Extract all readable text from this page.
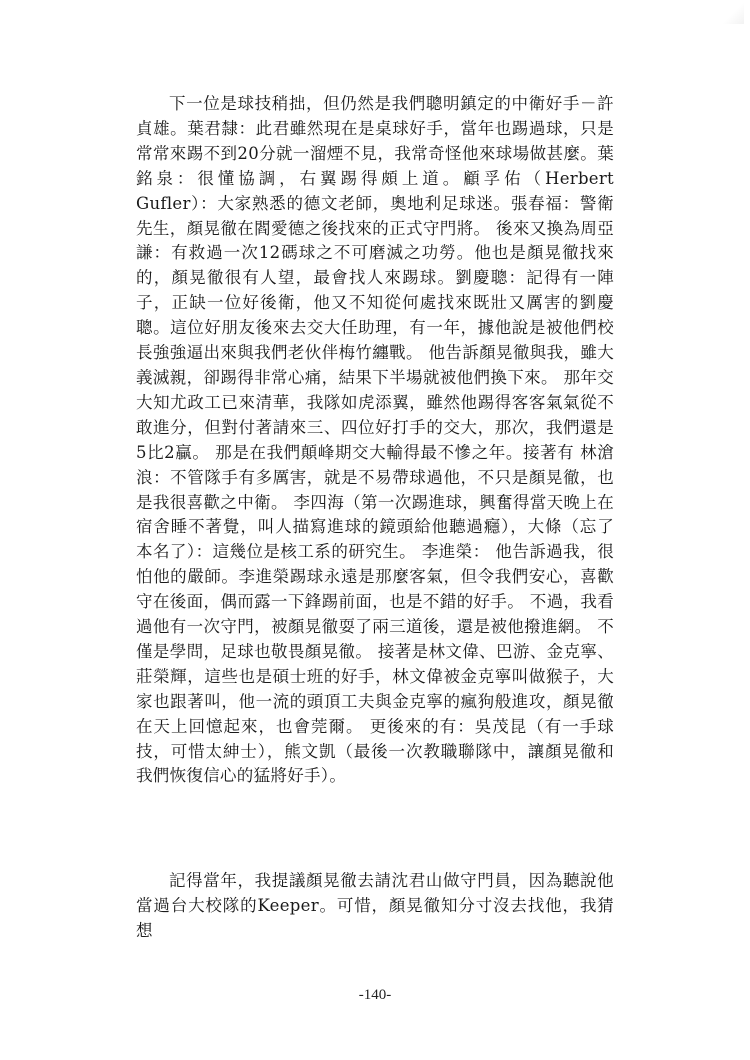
下一位是球技稍拙，但仍然是我們聰明鎮定的中衛好手－許貞雄。葉君隸：此君雖然現在是桌球好手，當年也踢過球，只是常常來踢不到20分就一溜煙不見，我常奇怪他來球場做甚麼。葉銘泉：很懂協調，右翼踢得頗上道。顧孚佑（Herbert Gufler）：大家熟悉的德文老師，奧地利足球迷。張春福：警衛先生，顏晃徹在閻愛德之後找來的正式守門將。 後來又換為周亞謙：有救過一次12碼球之不可磨滅之功勞。他也是顏晃徹找來的，顏晃徹很有人望，最會找人來踢球。劉慶聰：記得有一陣子，正缺一位好後衛，他又不知從何處找來既壯又厲害的劉慶聰。這位好朋友後來去交大任助理，有一年，據他說是被他們校長強強逼出來與我們老伙伴梅竹纏戰。 他告訴顏晃徹與我，雖大義滅親，卻踢得非常心痛，結果下半場就被他們換下來。 那年交大知尤政工已來清華，我隊如虎添翼，雖然他踢得客客氣氣從不敢進分，但對付著請來三、四位好打手的交大，那次，我們還是5比2贏。 那是在我們顛峰期交大輸得最不慘之年。接著有 林滄浪：不管隊手有多厲害，就是不易帶球過他，不只是顏晃徹，也是我很喜歡之中衛。 李四海（第一次踢進球，興奮得當天晚上在宿舍睡不著覺，叫人描寫進球的鏡頭給他聽過癮），大條（忘了本名了）：這幾位是核工系的研究生。 李進榮： 他告訴過我，很怕他的嚴師。李進榮踢球永遠是那麼客氣，但令我們安心，喜歡守在後面，偶而露一下鋒踢前面，也是不錯的好手。 不過，我看過他有一次守門，被顏晃徹耍了兩三道後，還是被他撥進網。 不僅是學問，足球也敬畏顏晃徹。 接著是林文偉、巴游、金克寧、莊榮輝，這些也是碩士班的好手，林文偉被金克寧叫做猴子，大家也跟著叫，他一流的頭頂工夫與金克寧的瘋狗般進攻，顏晃徹在天上回憶起來，也會莞爾。 更後來的有：吳茂昆（有一手球技，可惜太紳士），熊文凱（最後一次教職聯隊中，讓顏晃徹和我們恢復信心的猛將好手）。

記得當年，我提議顏晃徹去請沈君山做守門員，因為聽說他當過台大校隊的Keeper。可惜，顏晃徹知分寸沒去找他，我猜想

-140-
